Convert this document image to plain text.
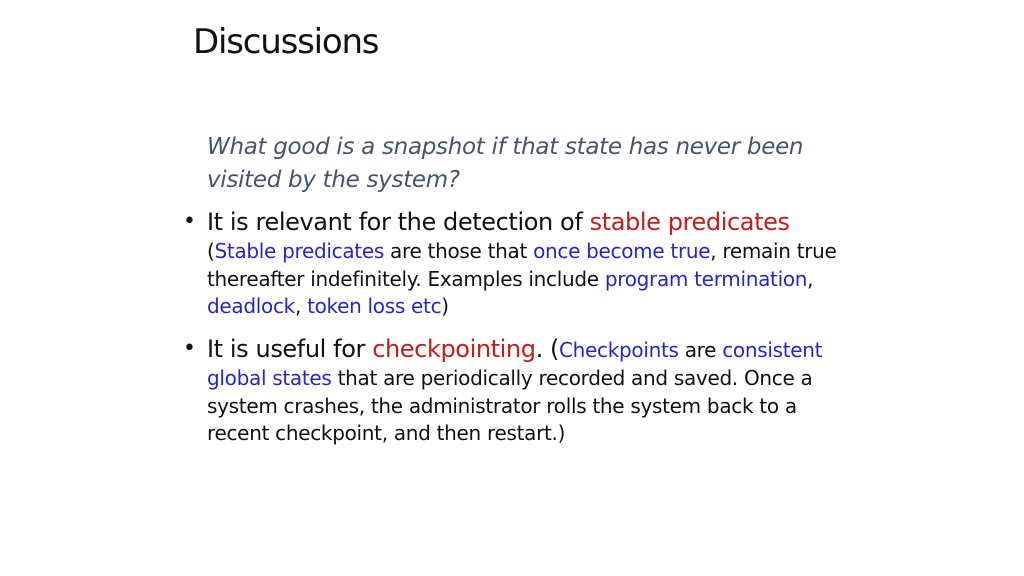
Discussions
What good is a snapshot if that state has never been visited by the system?
• It is relevant for the detection of stable predicates
(Stable predicates are those that once become true, remain true thereafter indefinitely. Examples include program termination, deadlock, token loss etc)
• It is useful for checkpointing. (Checkpoints are consistent global states that are periodically recorded and saved. Once a system crashes, the administrator rolls the system back to a recent checkpoint, and then restart.)
